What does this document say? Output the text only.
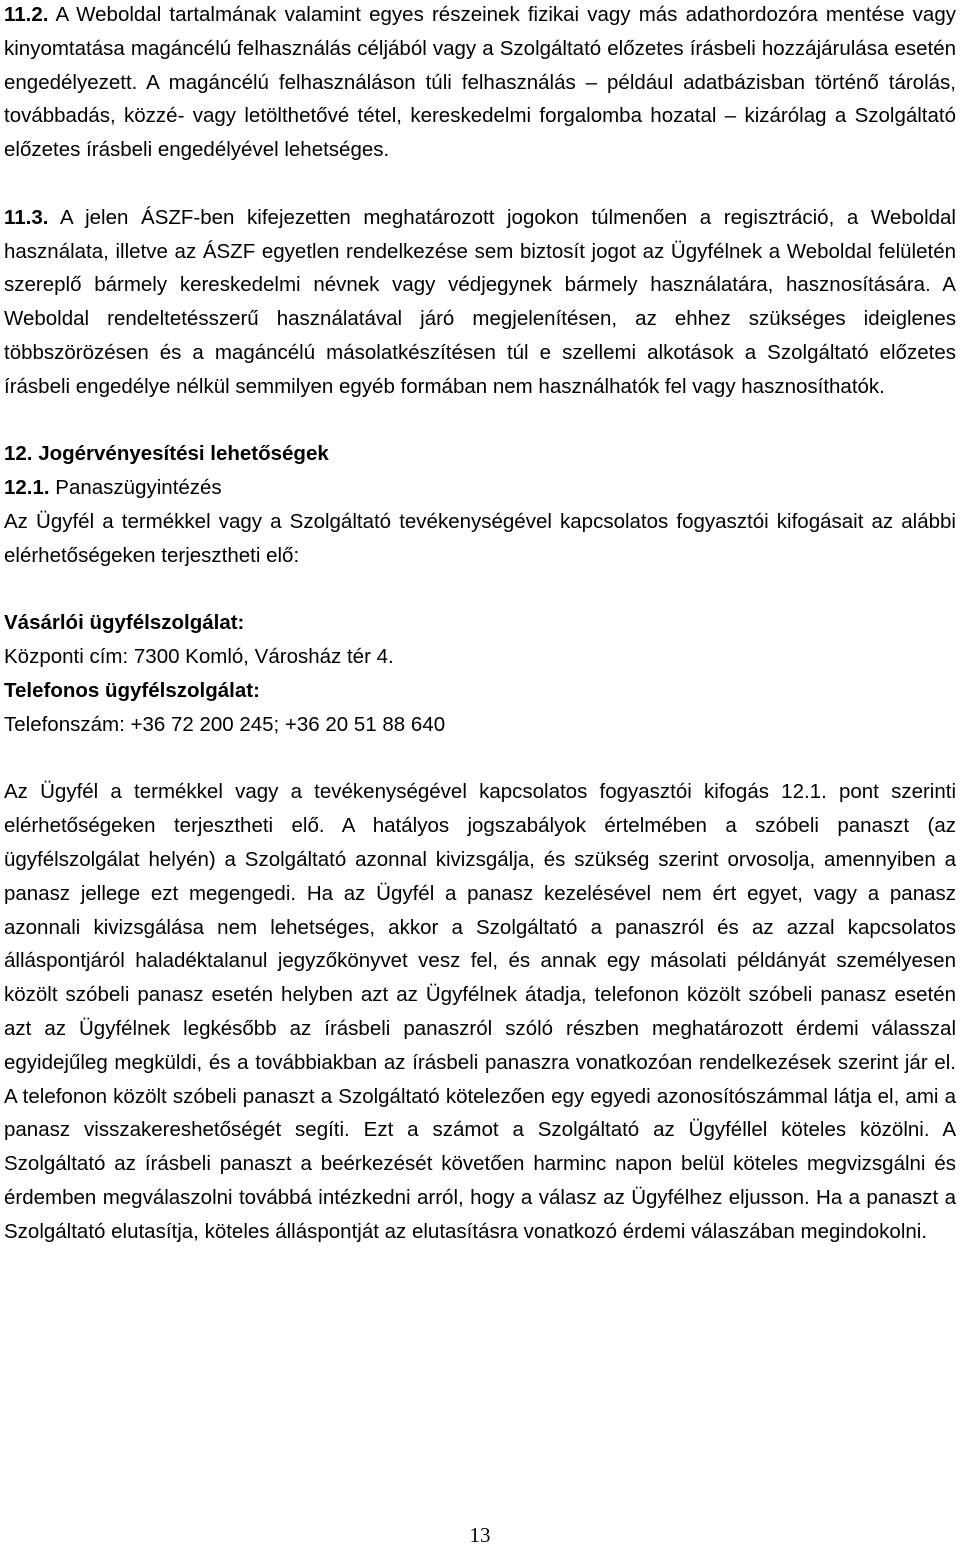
11.2. A Weboldal tartalmának valamint egyes részeinek fizikai vagy más adathordozóra mentése vagy kinyomtatása magáncélú felhasználás céljából vagy a Szolgáltató előzetes írásbeli hozzájárulása esetén engedélyezett. A magáncélú felhasználáson túli felhasználás – például adatbázisban történő tárolás, továbbadás, közzé- vagy letölthetővé tétel, kereskedelmi forgalomba hozatal – kizárólag a Szolgáltató előzetes írásbeli engedélyével lehetséges.

11.3. A jelen ÁSZF-ben kifejezetten meghatározott jogokon túlmenően a regisztráció, a Weboldal használata, illetve az ÁSZF egyetlen rendelkezése sem biztosít jogot az Ügyfélnek a Weboldal felületén szereplő bármely kereskedelmi névnek vagy védjegynek bármely használatára, hasznosítására. A Weboldal rendeltetésszerű használatával járó megjelenítésen, az ehhez szükséges ideiglenes többszörözésen és a magáncélú másolatkészítésen túl e szellemi alkotások a Szolgáltató előzetes írásbeli engedélye nélkül semmilyen egyéb formában nem használhatók fel vagy hasznosíthatók.

12. Jogérvényesítési lehetőségek

12.1. Panaszügyintézés

Az Ügyfél a termékkel vagy a Szolgáltató tevékenységével kapcsolatos fogyasztói kifogásait az alábbi elérhetőségeken terjesztheti elő:

Vásárlói ügyfélszolgálat:

Központi cím: 7300 Komló, Városház tér 4.

Telefonos ügyfélszolgálat:

Telefonszám: +36 72 200 245; +36 20 51 88 640

Az Ügyfél a termékkel vagy a tevékenységével kapcsolatos fogyasztói kifogás 12.1. pont szerinti elérhetőségeken terjesztheti elő. A hatályos jogszabályok értelmében a szóbeli panaszt (az ügyfélszolgálat helyén) a Szolgáltató azonnal kivizsgálja, és szükség szerint orvosolja, amennyiben a panasz jellege ezt megengedi. Ha az Ügyfél a panasz kezelésével nem ért egyet, vagy a panasz azonnali kivizsgálása nem lehetséges, akkor a Szolgáltató a panaszról és az azzal kapcsolatos álláspontjáról haladéktalanul jegyzőkönyvet vesz fel, és annak egy másolati példányát személyesen közölt szóbeli panasz esetén helyben azt az Ügyfélnek átadja, telefonon közölt szóbeli panasz esetén azt az Ügyfélnek legkésőbb az írásbeli panaszról szóló részben meghatározott érdemi válasszal egyidejűleg megküldi, és a továbbiakban az írásbeli panaszra vonatkozóan rendelkezések szerint jár el. A telefonon közölt szóbeli panaszt a Szolgáltató kötelezően egy egyedi azonosítószámmal látja el, ami a panasz visszakereshetőségét segíti. Ezt a számot a Szolgáltató az Ügyféllel köteles közölni. A Szolgáltató az írásbeli panaszt a beérkezését követően harminc napon belül köteles megvizsgálni és érdemben megválaszolni továbbá intézkedni arról, hogy a válasz az Ügyfélhez eljusson. Ha a panaszt a Szolgáltató elutasítja, köteles álláspontját az elutasításra vonatkozó érdemi válaszában megindokolni.

13
